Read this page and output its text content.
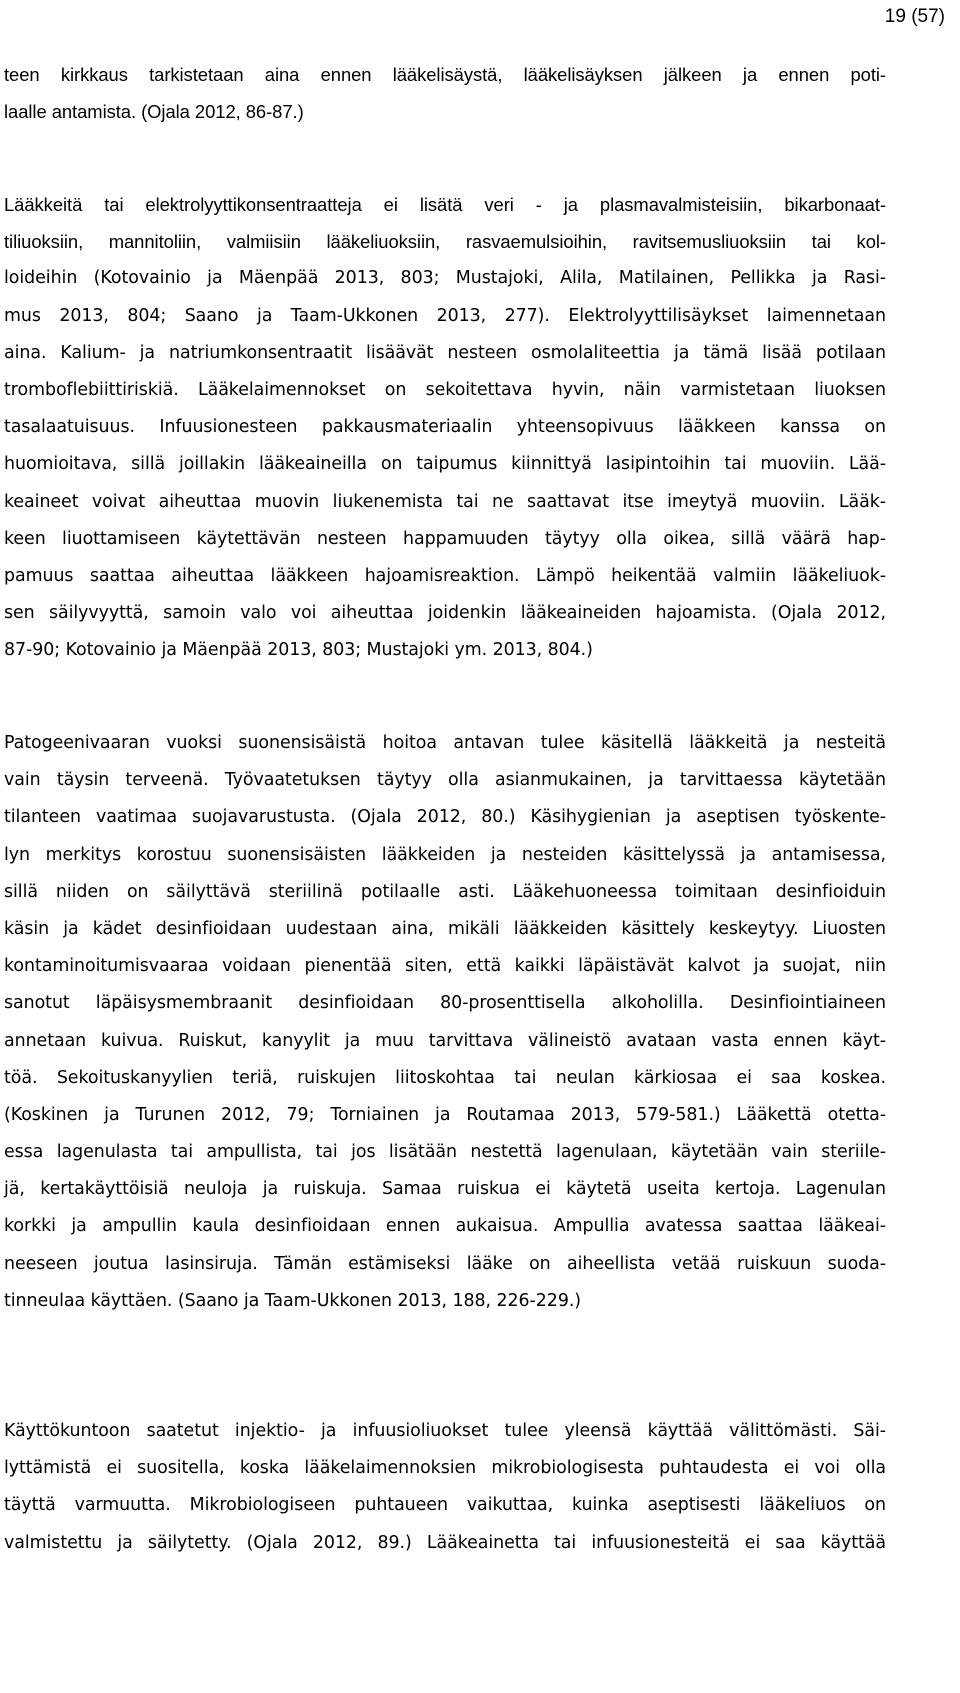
19 (57)

teen kirkkaus tarkistetaan aina ennen lääkelisäystä, lääkelisäyksen jälkeen ja ennen poti-
laalle antamista. (Ojala 2012, 86-87.)

Lääkkeitä tai elektrolyyttikonsentraatteja ei lisätä veri - ja plasmavalmisteisiin, bikarbonaat-
tiliuoksiin, mannitoliin, valmiisiin lääkeliuoksiin, rasvaemulsioihin, ravitsemusliuoksiin tai kol-
loideihin (Kotovainio ja Mäenpää 2013, 803; Mustajoki, Alila, Matilainen, Pellikka ja Rasi-
mus 2013, 804; Saano ja Taam-Ukkonen 2013, 277). Elektrolyyttilisäykset laimennetaan
aina. Kalium- ja natriumkonsentraatit lisäävät nesteen osmolaliteettia ja tämä lisää potilaan
tromboflebiittiriskiä. Lääkelaimennokset on sekoitettava hyvin, näin varmistetaan liuoksen
tasalaatuisuus. Infuusionesteen pakkausmateriaalin yhteensopivuus lääkkeen kanssa on
huomioitava, sillä joillakin lääkeaineilla on taipumus kiinnittyä lasipintoihin tai muoviin. Lää-
keaineet voivat aiheuttaa muovin liukenemista tai ne saattavat itse imeytyä muoviin. Lääk-
keen liuottamiseen käytettävän nesteen happamuuden täytyy olla oikea, sillä väärä hap-
pamuus saattaa aiheuttaa lääkkeen hajoamisreaktion. Lämpö heikentää valmiin lääkeliuok-
sen säilyvyyttä, samoin valo voi aiheuttaa joidenkin lääkeaineiden hajoamista. (Ojala 2012,
87-90; Kotovainio ja Mäenpää 2013, 803; Mustajoki ym. 2013, 804.)

Patogeenivaaran vuoksi suonensisäistä hoitoa antavan tulee käsitellä lääkkeitä ja nesteitä
vain täysin terveenä. Työvaatetuksen täytyy olla asianmukainen, ja tarvittaessa käytetään
tilanteen vaatimaa suojavarustusta. (Ojala 2012, 80.) Käsihygienian ja aseptisen työskente-
lyn merkitys korostuu suonensisäisten lääkkeiden ja nesteiden käsittelyssä ja antamisessa,
sillä niiden on säilyttävä steriilinä potilaalle asti. Lääkehuoneessa toimitaan desinfioiduin
käsin ja kädet desinfioidaan uudestaan aina, mikäli lääkkeiden käsittely keskeytyy. Liuosten
kontaminoitumisvaaraa voidaan pienentää siten, että kaikki läpäistävät kalvot ja suojat, niin
sanotut läpäisysmembraanit desinfioidaan 80-prosenttisella alkoholilla. Desinfiointiaineen
annetaan kuivua. Ruiskut, kanyylit ja muu tarvittava välineistö avataan vasta ennen käyt-
töä. Sekoituskanyylien teriä, ruiskujen liitoskohtaa tai neulan kärkiosaa ei saa koskea.
(Koskinen ja Turunen 2012, 79; Torniainen ja Routamaa 2013, 579-581.) Lääkettä otetta-
essa lagenulasta tai ampullista, tai jos lisätään nestettä lagenulaan, käytetään vain steriile-
jä, kertakäyttöisiä neuloja ja ruiskuja. Samaa ruiskua ei käytetä useita kertoja. Lagenulan
korkki ja ampullin kaula desinfioidaan ennen aukaisua. Ampullia avatessa saattaa lääkeai-
neeseen joutua lasinsiruja. Tämän estämiseksi lääke on aiheellista vetää ruiskuun suoda-
tinneulaa käyttäen. (Saano ja Taam-Ukkonen 2013, 188, 226-229.)

Käyttökuntoon saatetut injektio- ja infuusioliuokset tulee yleensä käyttää välittömästi. Säi-
lyttämistä ei suositella, koska lääkelaimennoksien mikrobiologisesta puhtaudesta ei voi olla
täyttä varmuutta. Mikrobiologiseen puhtaueen vaikuttaa, kuinka aseptisesti lääkeliuos on
valmistettu ja säilytetty. (Ojala 2012, 89.) Lääkeainetta tai infuusionesteitä ei saa käyttää
